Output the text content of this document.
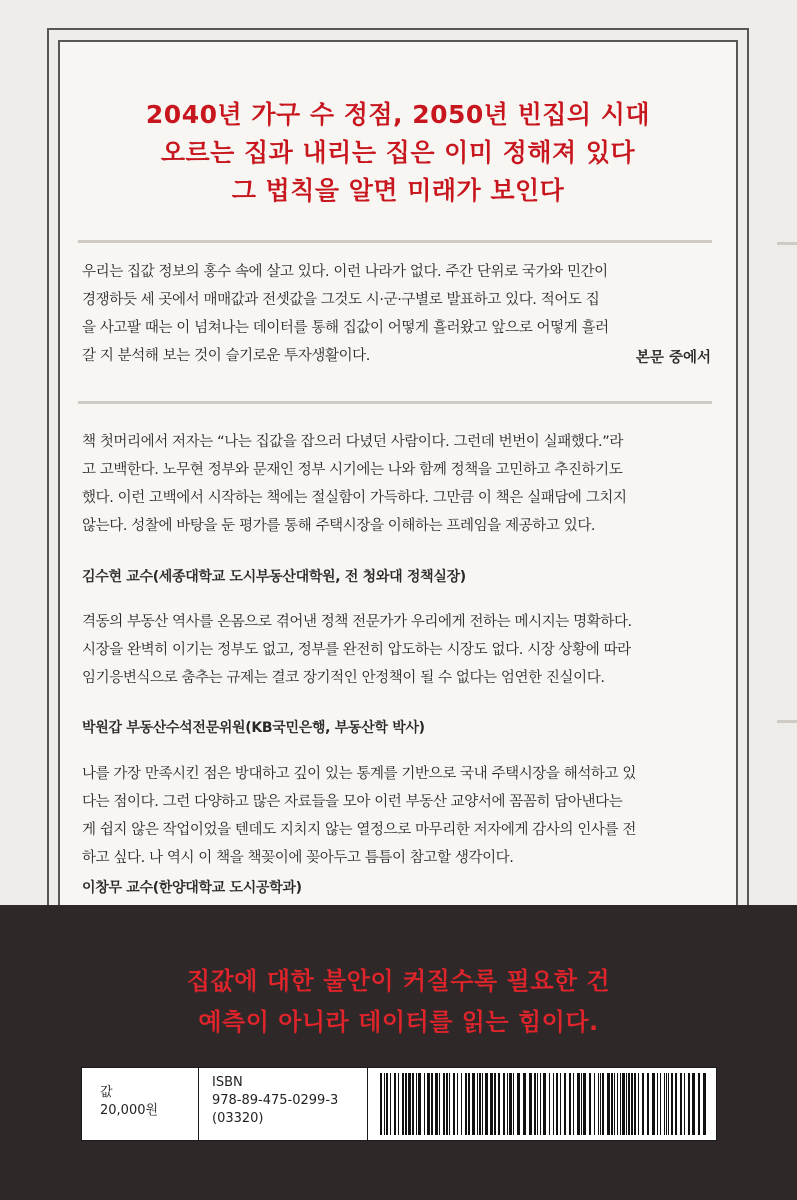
2040년 가구 수 정점, 2050년 빈집의 시대
오르는 집과 내리는 집은 이미 정해져 있다
그 법칙을 알면 미래가 보인다
우리는 집값 정보의 홍수 속에 살고 있다. 이런 나라가 없다. 주간 단위로 국가와 민간이
경쟁하듯 세 곳에서 매매값과 전셋값을 그것도 시·군·구별로 발표하고 있다. 적어도 집
을 사고팔 때는 이 넘쳐나는 데이터를 통해 집값이 어떻게 흘러왔고 앞으로 어떻게 흘러
갈 지 분석해 보는 것이 슬기로운 투자생활이다.	본문 중에서
책 첫머리에서 저자는 “나는 집값을 잡으러 다녔던 사람이다. 그런데 번번이 실패했다.”라
고 고백한다. 노무현 정부와 문재인 정부 시기에는 나와 함께 정책을 고민하고 추진하기도
했다. 이런 고백에서 시작하는 책에는 절실함이 가득하다. 그만큼 이 책은 실패담에 그치지
않는다. 성찰에 바탕을 둔 평가를 통해 주택시장을 이해하는 프레임을 제공하고 있다.
김수현 교수(세종대학교 도시부동산대학원, 전 청와대 정책실장)
격동의 부동산 역사를 온몸으로 겪어낸 정책 전문가가 우리에게 전하는 메시지는 명확하다.
시장을 완벽히 이기는 정부도 없고, 정부를 완전히 압도하는 시장도 없다. 시장 상황에 따라
임기응변식으로 춤추는 규제는 결코 장기적인 안정책이 될 수 없다는 엄연한 진실이다.
박원갑 부동산수석전문위원(KB국민은행, 부동산학 박사)
나를 가장 만족시킨 점은 방대하고 깊이 있는 통계를 기반으로 국내 주택시장을 해석하고 있
다는 점이다. 그런 다양하고 많은 자료들을 모아 이런 부동산 교양서에 꼼꼼히 담아낸다는
게 쉽지 않은 작업이었을 텐데도 지치지 않는 열정으로 마무리한 저자에게 감사의 인사를 전
하고 싶다. 나 역시 이 책을 책꽂이에 꽂아두고 틈틈이 참고할 생각이다.
이창무 교수(한양대학교 도시공학과)
집값에 대한 불안이 커질수록 필요한 건
예측이 아니라 데이터를 읽는 힘이다.
값
20,000원
ISBN
978-89-475-0299-3
(03320)
